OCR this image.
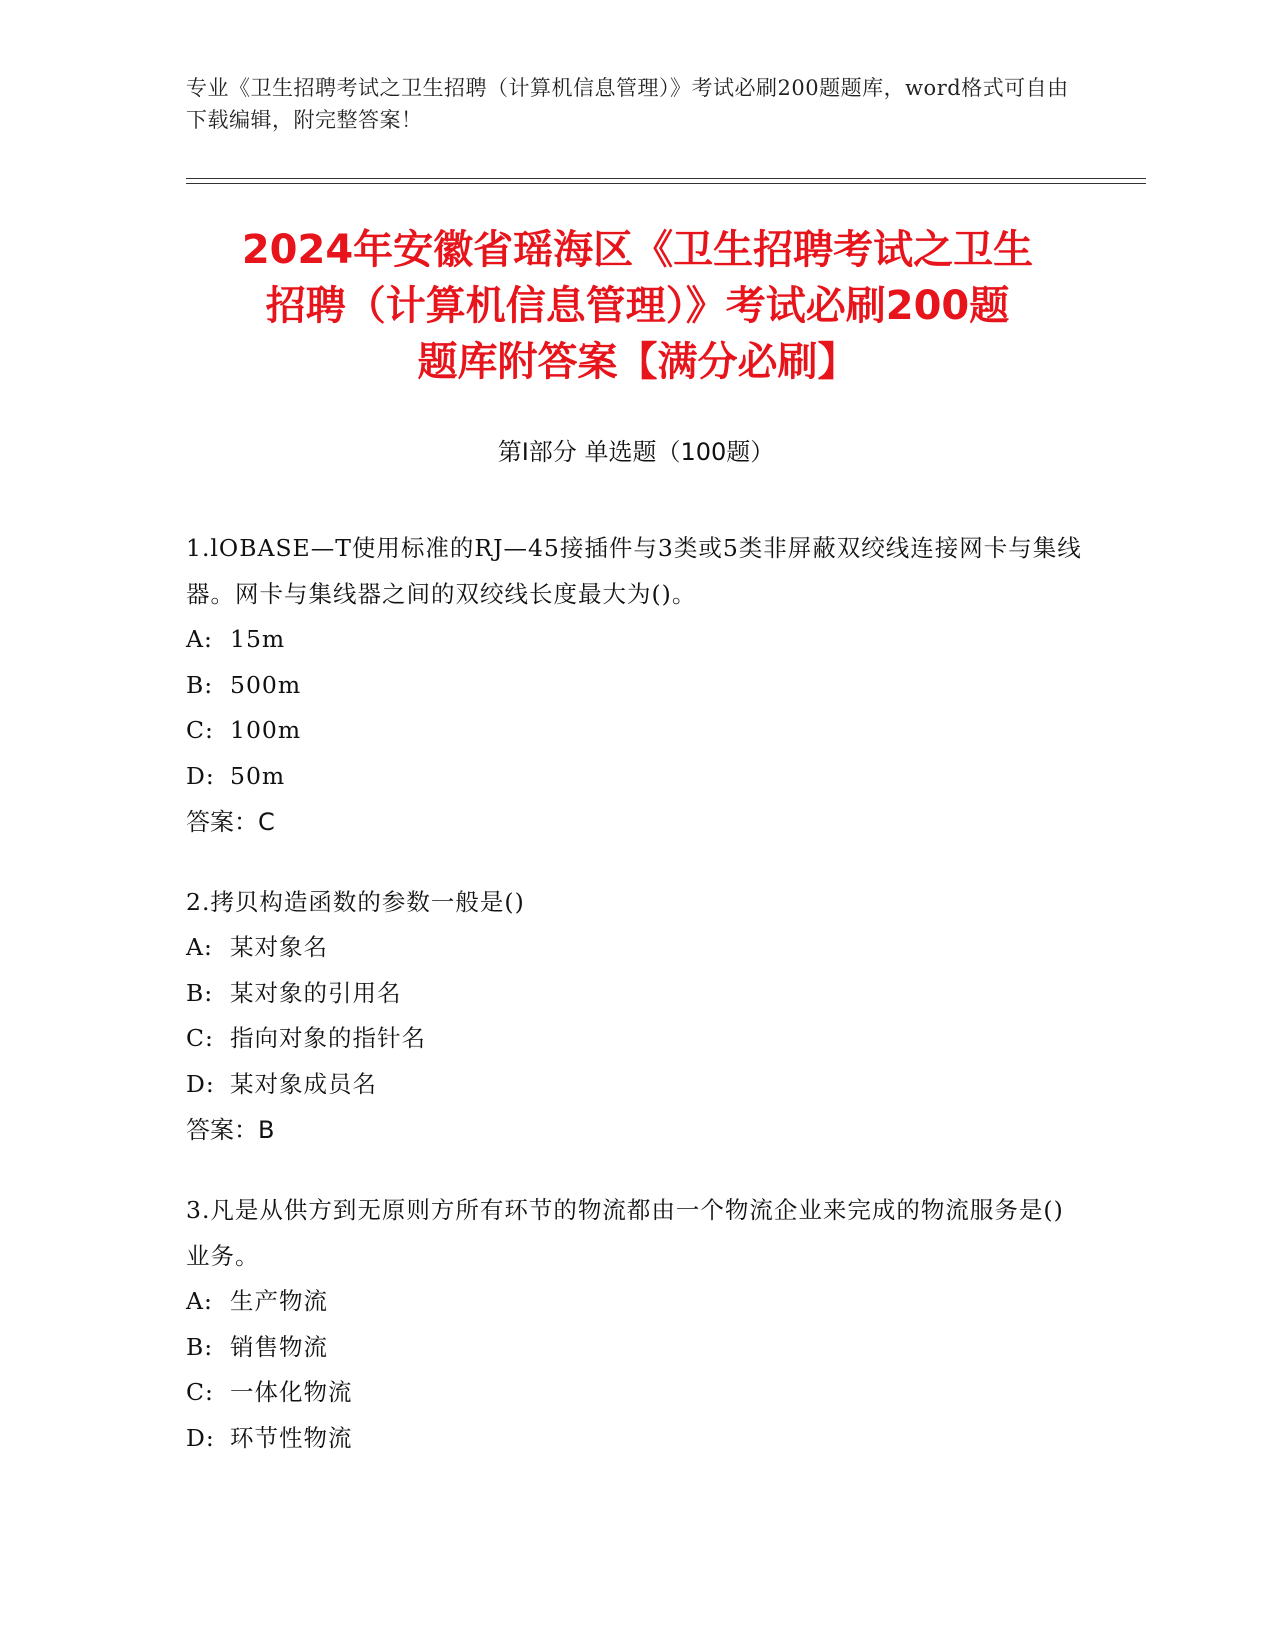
专业《卫生招聘考试之卫生招聘（计算机信息管理）》考试必刷200题题库，word格式可自由下载编辑，附完整答案！
2024年安徽省瑶海区《卫生招聘考试之卫生
招聘（计算机信息管理）》考试必刷200题
题库附答案【满分必刷】
第Ⅰ部分 单选题（100题）
1.lOBASE—T使用标准的RJ—45接插件与3类或5类非屏蔽双绞线连接网卡与集线器。网卡与集线器之间的双绞线长度最大为()。
A: 15m
B: 500m
C: 100m
D: 50m
答案：C
2.拷贝构造函数的参数一般是()
A: 某对象名
B: 某对象的引用名
C: 指向对象的指针名
D: 某对象成员名
答案：B
3.凡是从供方到无原则方所有环节的物流都由一个物流企业来完成的物流服务是()业务。
A: 生产物流
B: 销售物流
C: 一体化物流
D: 环节性物流
